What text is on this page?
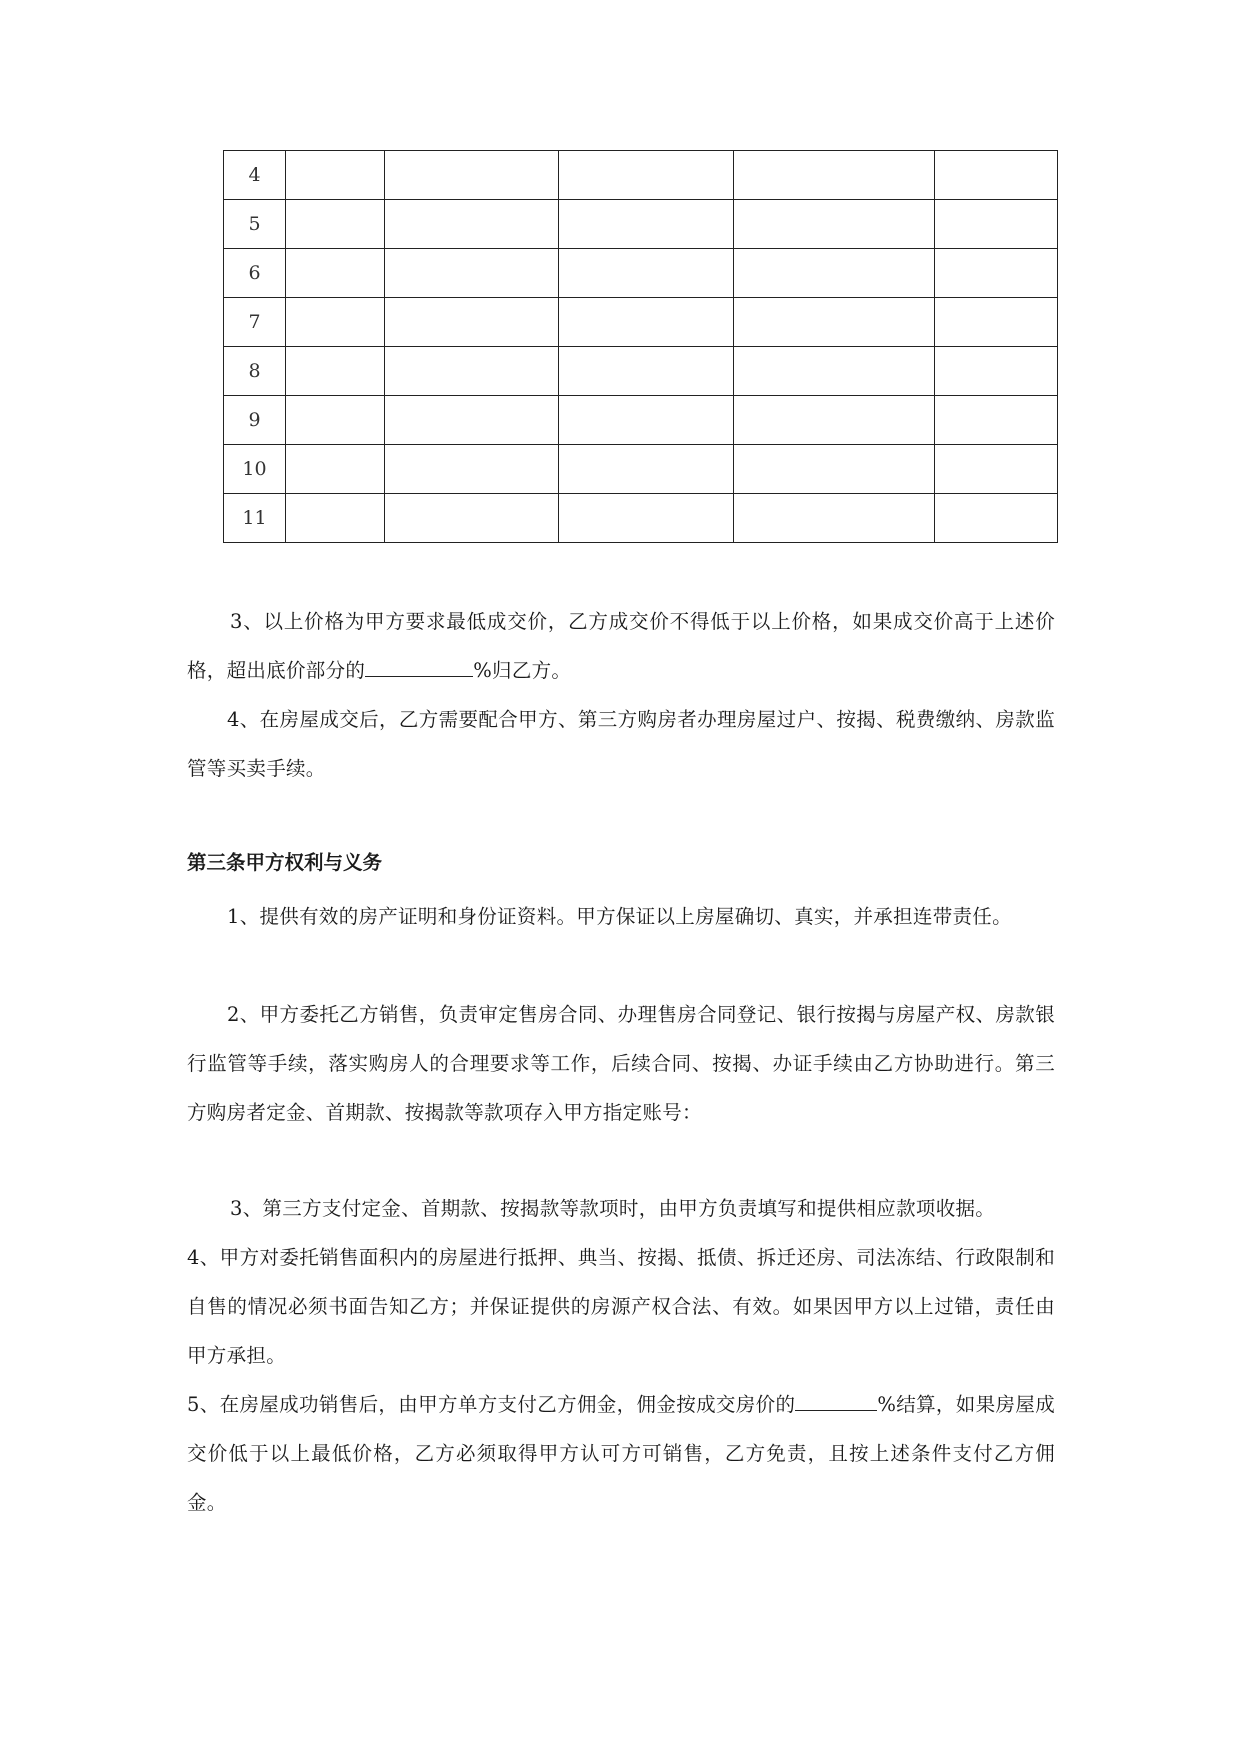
4					
5					
6					
7					
8					
9					
10					
11					

3、以上价格为甲方要求最低成交价，乙方成交价不得低于以上价格，如果成交价高于上述价格，超出底价部分的	%归乙方。

4、在房屋成交后，乙方需要配合甲方、第三方购房者办理房屋过户、按揭、税费缴纳、房款监管等买卖手续。

第三条甲方权利与义务

1、提供有效的房产证明和身份证资料。甲方保证以上房屋确切、真实，并承担连带责任。

2、甲方委托乙方销售，负责审定售房合同、办理售房合同登记、银行按揭与房屋产权、房款银行监管等手续，落实购房人的合理要求等工作，后续合同、按揭、办证手续由乙方协助进行。第三方购房者定金、首期款、按揭款等款项存入甲方指定账号：

3、第三方支付定金、首期款、按揭款等款项时，由甲方负责填写和提供相应款项收据。

4、甲方对委托销售面积内的房屋进行抵押、典当、按揭、抵债、拆迁还房、司法冻结、行政限制和自售的情况必须书面告知乙方；并保证提供的房源产权合法、有效。如果因甲方以上过错，责任由甲方承担。

5、在房屋成功销售后，由甲方单方支付乙方佣金，佣金按成交房价的	%结算，如果房屋成交价低于以上最低价格，乙方必须取得甲方认可方可销售，乙方免责，且按上述条件支付乙方佣金。
